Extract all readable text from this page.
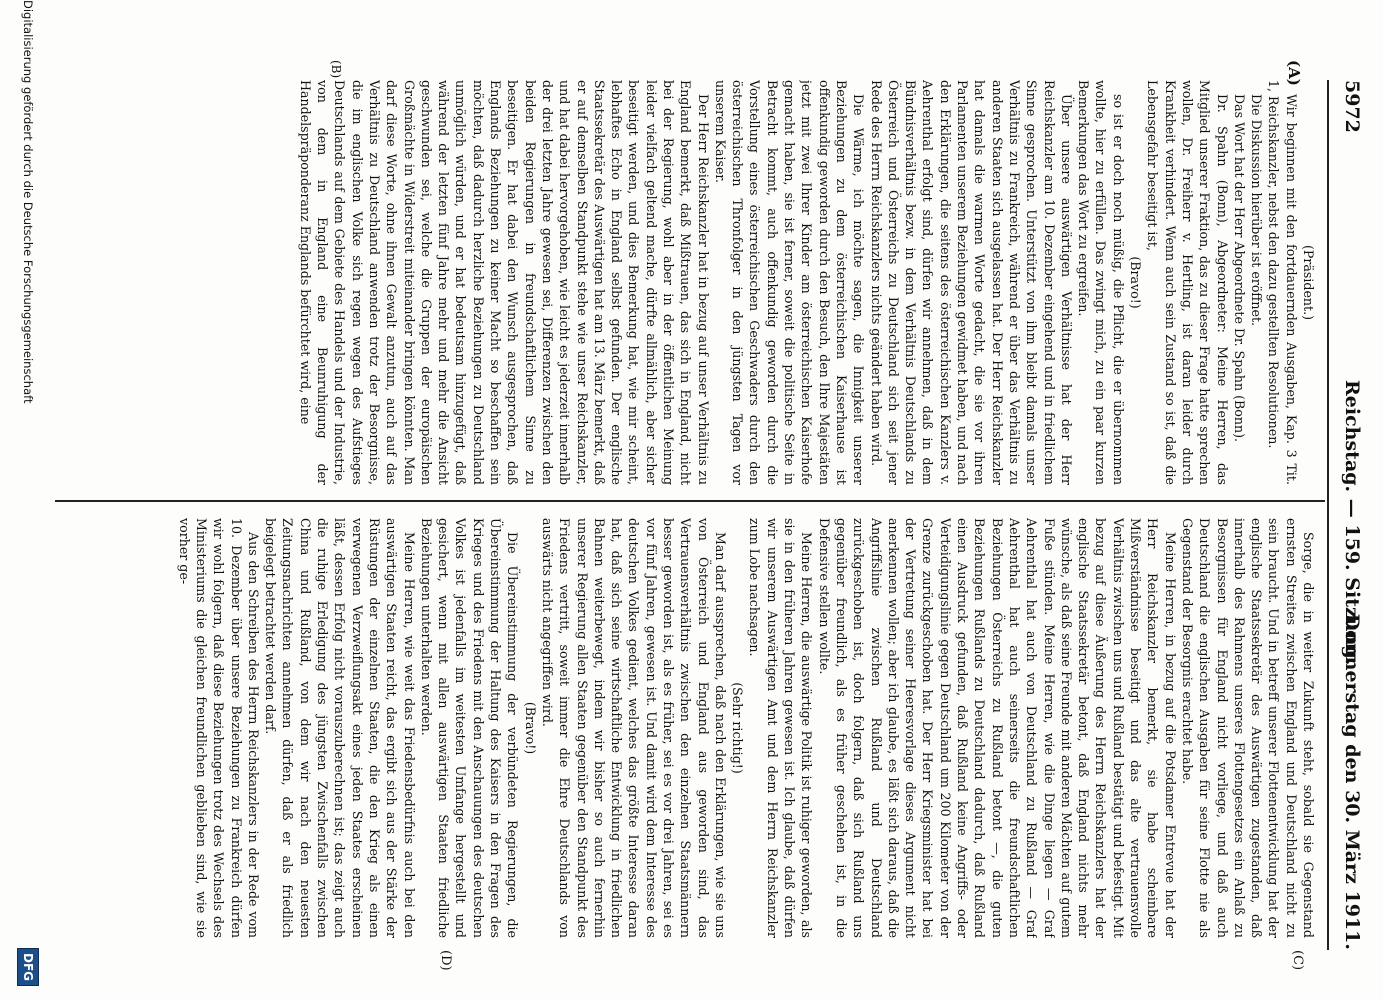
5972
Reichstag. — 159. Sitzung.
Donnerstag den 30. März 1911.
(A)
(B)
(C)
(D)

(Präsident.)

Wir beginnen mit den fortdauernden Ausgaben, Kap. 3 Tit. 1, Reichskanzler, nebst den dazu gestellten Resolutionen.

Die Diskussion hierüber ist eröffnet.

Das Wort hat der Herr Abgeordnete Dr. Spahn (Bonn).

Dr. Spahn (Bonn), Abgeordneter: Meine Herren, das Mitglied unserer Fraktion, das zu dieser Frage hatte sprechen wollen, Dr. Freiherr v. Hertling, ist daran leider durch Krankheit verhindert. Wenn auch sein Zustand so ist, daß die Lebensgefahr beseitigt ist,

(Bravo!)

so ist er doch noch müßig, die Pflicht, die er übernommen wollte, hier zu erfüllen. Das zwingt mich, zu ein paar kurzen Bemerkungen das Wort zu ergreifen.

Über unsere auswärtigen Verhältnisse hat der Herr Reichskanzler am 10. Dezember eingehend und in friedlichem Sinne gesprochen. Unterstützt von ihm bleibt damals unser Verhältnis zu Frankreich, während er über das Verhältnis zu anderen Staaten sich ausgelassen hat. Der Herr Reichskanzler hat damals die warmen Worte gedacht, die sie vor ihren Parlamenten unserem Beziehungen gewidmet haben, und nach den Erklärungen, die seitens des österreichischen Kanzlers v. Aehrenthal erfolgt sind, dürfen wir annehmen, daß in dem Bündnisverhältnis bezw. in dem Verhältnis Deutschlands zu Österreich und Österreichs zu Deutschland sich seit jener Rede des Herrn Reichskanzlers nichts geändert haben wird.

Die Wärme, ich möchte sagen, die Innigkeit unserer Beziehungen zu dem österreichischen Kaiserhause ist offenkundig geworden durch den Besuch, den Ihre Majestäten jetzt mit zwei Ihrer Kinder am österreichischen Kaiserhofe gemacht haben, sie ist ferner, soweit die politische Seite in Betracht kommt, auch offenkundig geworden durch die Vorstellung eines österreichischen Geschwaders durch den österreichischen Thronfolger in den jüngsten Tagen vor unserem Kaiser.

Der Herr Reichskanzler hat in bezug auf unser Verhältnis zu England bemerkt, daß Mißtrauen, das sich in England, nicht bei der Regierung, wohl aber in der öffentlichen Meinung leider vielfach geltend mache, dürfte allmählich, aber sicher beseitigt werden, und dies Bemerkung hat, wie mir scheint, lebhaftes Echo in England selbst gefunden. Der englische Staatssekretär des Auswärtigen hat am 13. März bemerkt, daß er auf demselben Standpunkt stehe wie unser Reichskanzler, und hat dabei hervorgehoben, wie leicht es jederzeit innerhalb der drei letzten Jahre gewesen sei, Differenzen zwischen den beiden Regierungen in freundschaftlichem Sinne zu beseitigen. Er hat dabei den Wunsch ausgesprochen, daß Englands Beziehungen zu keiner Macht so beschaffen sein möchten, daß dadurch herzliche Beziehungen zu Deutschland unmöglich würden, und er hat bedeutsam hinzugefügt, daß während der letzten fünf Jahre mehr und mehr die Ansicht geschwunden sei, welche die Gruppen der europäischen Großmächte in Widerstreit miteinander bringen könnten. Man darf diese Worte, ohne ihnen Gewalt anzutun, auch auf das Verhältnis zu Deutschland anwenden trotz der Besorgnisse, die im englischen Volke sich regen wegen des Aufstieges Deutschlands auf dem Gebiete des Handels und der Industrie, von dem in England eine Beunruhigung der Handelspräponderanz Englands befürchtet wird, eine

Sorge, die in weiter Zukunft steht, sobald sie Gegenstand ernsten Streites zwischen England und Deutschland nicht zu sein braucht. Und in betreff unserer Flottenentwicklung hat der englische Staatssekretär des Auswärtigen zugestanden, daß innerhalb des Rahmens unseres Flottengesetzes ein Anlaß zu Besorgnissen für England nicht vorliege, und daß auch Deutschland die englischen Ausgaben für seine Flotte nie als Gegenstand der Besorgnis erachtet habe.

Meine Herren, in bezug auf die Potsdamer Entrevue hat der Herr Reichskanzler bemerkt, sie habe scheinbare Mißverständnisse beseitigt und das alte vertrauensvolle Verhältnis zwischen uns und Rußland bestätigt und befestigt. Mit bezug auf diese Äußerung des Herrn Reichskanzlers hat der englische Staatssekretär betont, daß England nichts mehr wünsche, als daß seine Freunde mit anderen Mächten auf gutem Fuße stünden. Meine Herren, wie die Dinge liegen — Graf Aehrenthal hat auch von Deutschland zu Rußland — Graf Aehrenthal hat auch seinerseits die freundschaftlichen Beziehungen Österreichs zu Rußland betont —, die guten Beziehungen Rußlands zu Deutschland dadurch, daß Rußland einen Ausdruck gefunden, daß Rußland keine Angriffs- oder Verteidigungslinie gegen Deutschland um 200 Kilometer von der Grenze zurückgeschoben hat. Der Herr Kriegsminister hat bei der Vertretung seiner Heeresvorlage dieses Argument nicht anerkennen wollen; aber ich glaube, es läßt sich daraus, daß die Angriffslinie zwischen Rußland und Deutschland zurückgeschoben ist, doch folgern, daß sich Rußland uns gegenüber freundlich, als es früher geschehen ist, in die Defensive stellen wollte.

Meine Herren, die auswärtige Politik ist ruhiger geworden, als sie in den früheren Jahren gewesen ist. Ich glaube, daß dürfen wir unserem Auswärtigen Amt und dem Herrn Reichskanzler zum Lobe nachsagen.

(Sehr richtig!)

Man darf aussprechen, daß nach den Erklärungen, wie sie uns von Österreich und England aus geworden sind, das Vertrauensverhältnis zwischen den einzelnen Staatsmännern besser geworden ist, als es früher, sei es vor drei Jahren, sei es vor fünf Jahren, gewesen ist. Und damit wird dem Interesse des deutschen Volkes gedient, welches das größte Interesse daran hat, daß sich seine wirtschaftliche Entwicklung in friedlichen Bahnen weiterbewegt, indem wir bisher so auch fernerhin unserer Regierung allen Staaten gegenüber den Standpunkt des Friedens vertritt, soweit immer die Ehre Deutschlands von auswärts nicht angegriffen wird.

(Bravo!)

Die Übereinstimmung der verbündeten Regierungen, die Übereinstimmung der Haltung des Kaisers in den Fragen des Krieges und des Friedens mit den Anschauungen des deutschen Volkes ist jedenfalls im weitesten Umfange hergestellt und gesichert, wenn mit allen auswärtigen Staaten friedliche Beziehungen unterhalten werden.

Meine Herren, wie weit das Friedensbedürfnis auch bei den auswärtigen Staaten reicht, das ergibt sich aus der Stärke der Rüstungen der einzelnen Staaten, die den Krieg als einen verwegenen Verzweiflungsakt eines jeden Staates erscheinen läßt, dessen Erfolg nicht vorauszuberechnen ist; das zeigt auch die ruhige Erledigung des jüngsten Zwischenfalls zwischen China und Rußland, von dem wir nach den neuesten Zeitungsnachrichten annehmen dürfen, daß er als friedlich beigelegt betrachtet werden darf.

Aus den Schreiben des Herrn Reichskanzlers in der Rede vom 10. Dezember über unsere Beziehungen zu Frankreich dürfen wir wohl folgern, daß diese Beziehungen trotz des Wechsels des Ministeriums die gleichen freundlichen geblieben sind, wie sie vorher ge-

Digitalisierung gefördert durch die Deutsche Forschungsgemeinschaft
DFG
